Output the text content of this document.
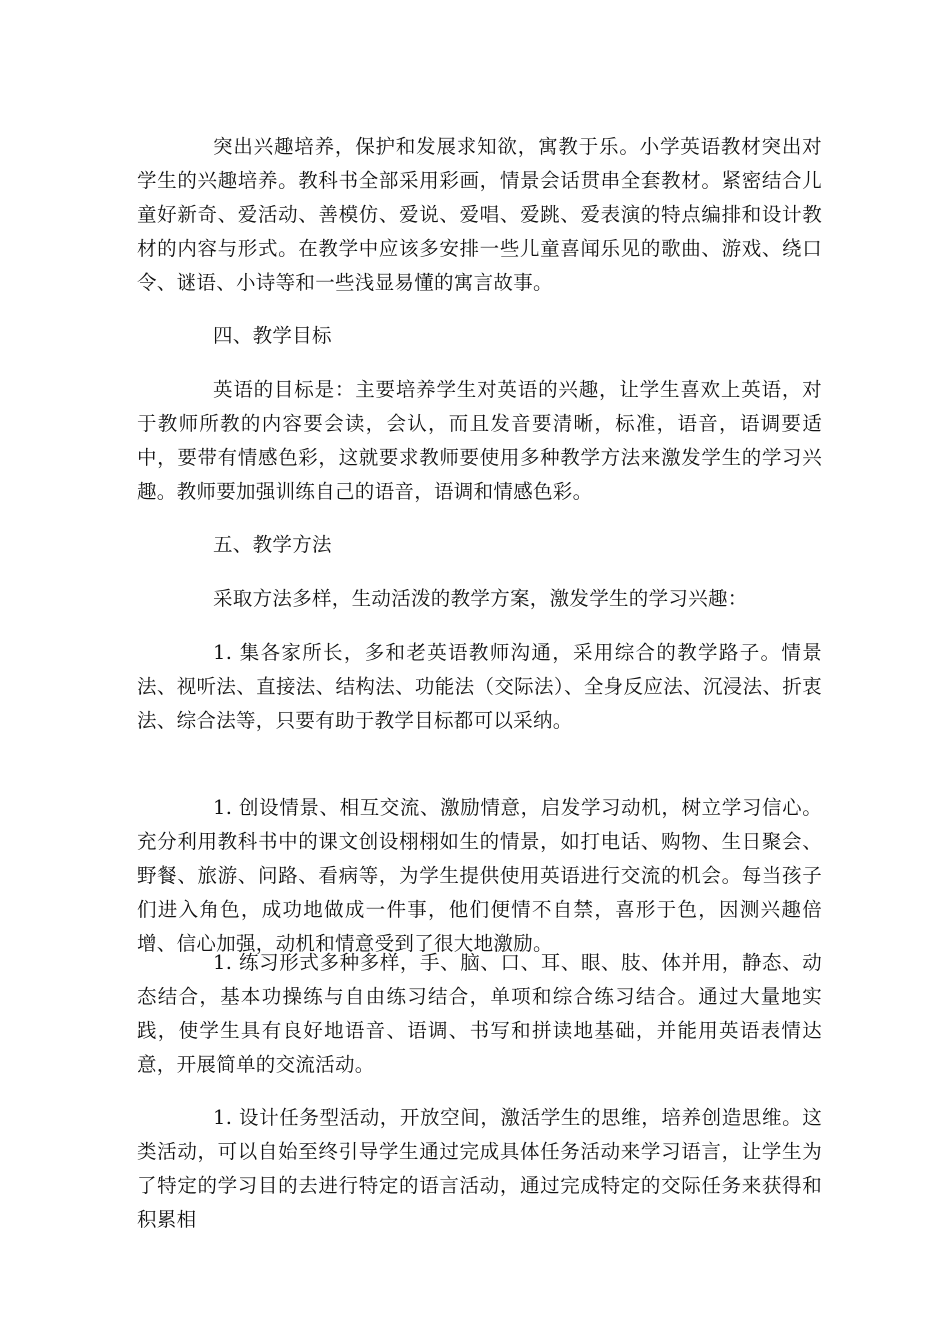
突出兴趣培养，保护和发展求知欲，寓教于乐。小学英语教材突出对学生的兴趣培养。教科书全部采用彩画，情景会话贯串全套教材。紧密结合儿童好新奇、爱活动、善模仿、爱说、爱唱、爱跳、爱表演的特点编排和设计教材的内容与形式。在教学中应该多安排一些儿童喜闻乐见的歌曲、游戏、绕口令、谜语、小诗等和一些浅显易懂的寓言故事。

四、教学目标

英语的目标是：主要培养学生对英语的兴趣，让学生喜欢上英语，对于教师所教的内容要会读，会认，而且发音要清晰，标准，语音，语调要适中，要带有情感色彩，这就要求教师要使用多种教学方法来激发学生的学习兴趣。教师要加强训练自己的语音，语调和情感色彩。

五、教学方法

采取方法多样，生动活泼的教学方案，激发学生的学习兴趣：

1. 集各家所长，多和老英语教师沟通，采用综合的教学路子。情景法、视听法、直接法、结构法、功能法（交际法）、全身反应法、沉浸法、折衷法、综合法等，只要有助于教学目标都可以采纳。

1. 创设情景、相互交流、激励情意，启发学习动机，树立学习信心。充分利用教科书中的课文创设栩栩如生的情景，如打电话、购物、生日聚会、野餐、旅游、问路、看病等，为学生提供使用英语进行交流的机会。每当孩子们进入角色，成功地做成一件事，他们便情不自禁，喜形于色，因测兴趣倍增、信心加强，动机和情意受到了很大地激励。

1. 练习形式多种多样，手、脑、口、耳、眼、肢、体并用，静态、动态结合，基本功操练与自由练习结合，单项和综合练习结合。通过大量地实践，使学生具有良好地语音、语调、书写和拼读地基础，并能用英语表情达意，开展简单的交流活动。

1. 设计任务型活动，开放空间，激活学生的思维，培养创造思维。这类活动，可以自始至终引导学生通过完成具体任务活动来学习语言，让学生为了特定的学习目的去进行特定的语言活动，通过完成特定的交际任务来获得和积累相
